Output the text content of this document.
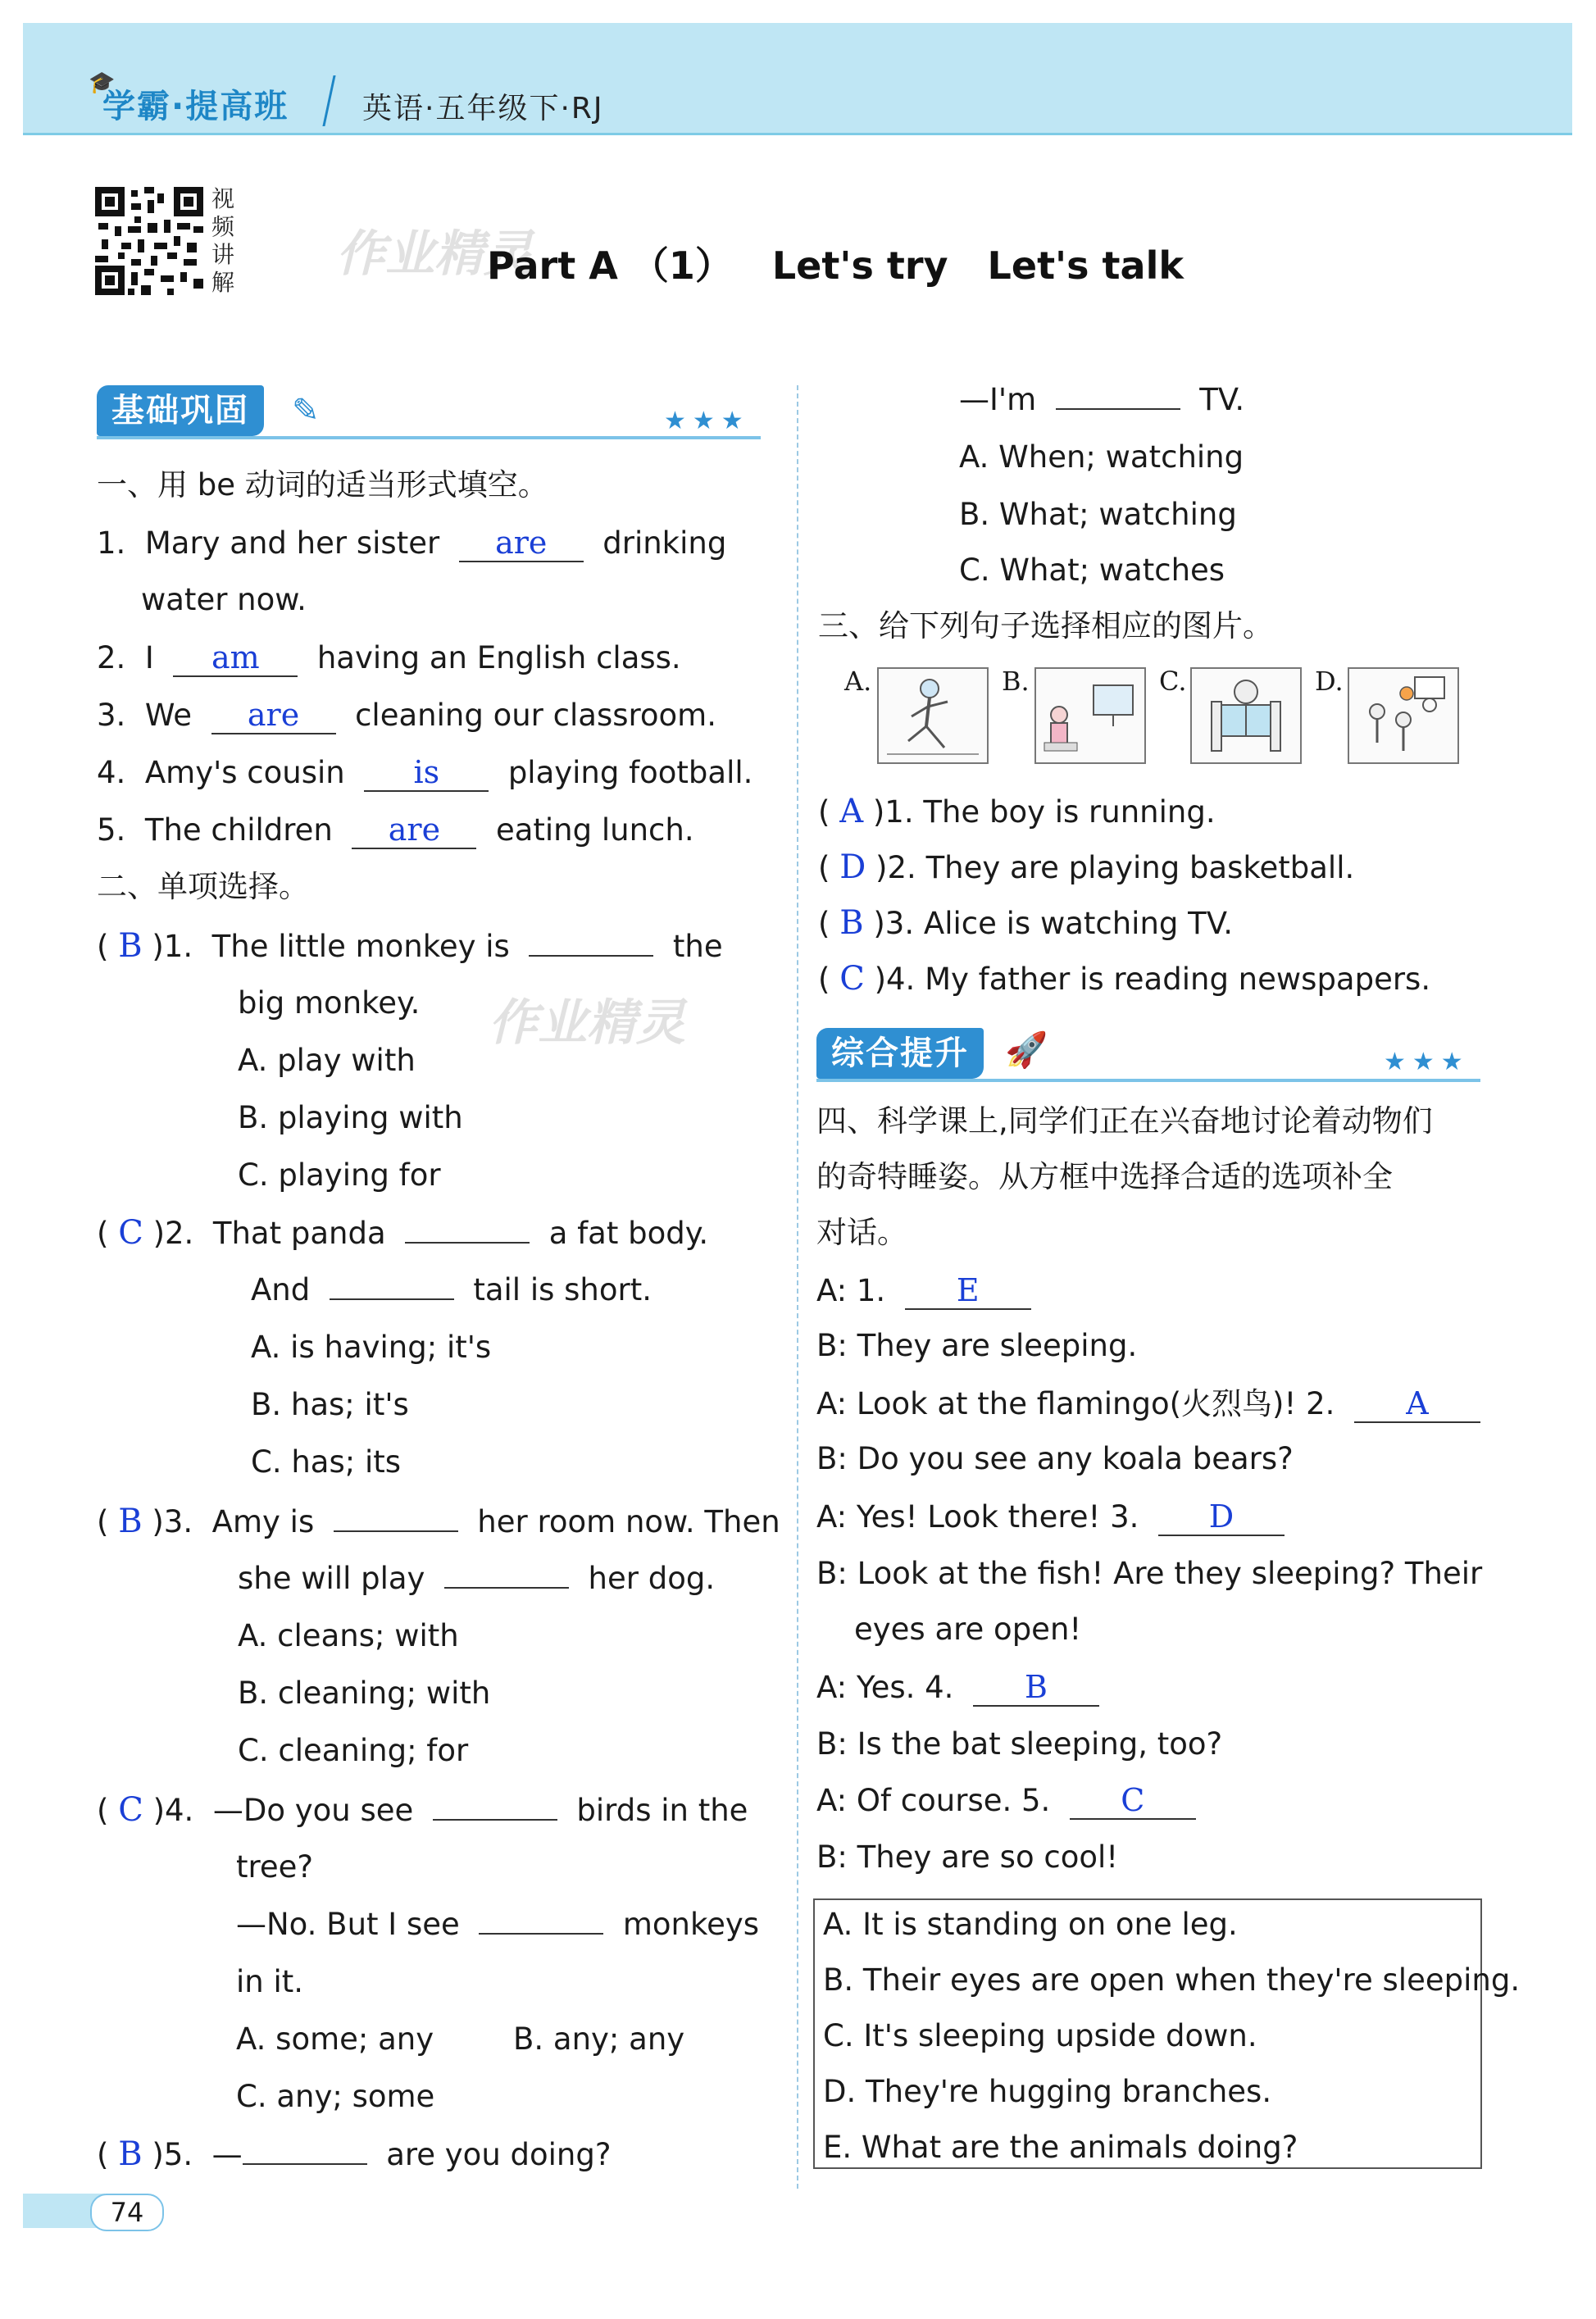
🎓
学霸·提高班 英语·五年级下·RJ
视频讲解 作业精灵
Part A （1）   Let's try   Let's talk
基础巩固	✎	★★★
一、用 be 动词的适当形式填空。
1. Mary and her sister are drinking
water now.
2. I am having an English class.
3. We are cleaning our classroom.
4. Amy's cousin is playing football.
5. The children are eating lunch.
二、单项选择。
( B )1. The little monkey is	the
big monkey.
A. play with
B. playing with
C. playing for
作业精灵
( C )2. That panda	a fat body.
And	tail is short.
A. is having; it's
B. has; it's
C. has; its
( B )3. Amy is	her room now. Then
she will play	her dog.
A. cleans; with
B. cleaning; with
C. cleaning; for
( C )4. —Do you see	birds in the
tree?
—No. But I see	monkeys
in it.
A. some; any	B. any; any
C. any; some
( B )5. —	are you doing?
—I'm	TV.
A. When; watching
B. What; watching
C. What; watches
三、给下列句子选择相应的图片。
A.	B.	C.	D.
( A )1. The boy is running.
( D )2. They are playing basketball.
( B )3. Alice is watching TV.
( C )4. My father is reading newspapers.
综合提升	🚀	★★★
四、科学课上,同学们正在兴奋地讨论着动物们
的奇特睡姿。从方框中选择合适的选项补全
对话。
A: 1. E
B: They are sleeping.
A: Look at the flamingo(火烈鸟)! 2. A
B: Do you see any koala bears?
A: Yes! Look there! 3. D
B: Look at the fish! Are they sleeping? Their
eyes are open!
A: Yes. 4. B
B: Is the bat sleeping, too?
A: Of course. 5. C
B: They are so cool!
A. It is standing on one leg.
B. Their eyes are open when they're sleeping.
C. It's sleeping upside down.
D. They're hugging branches.
E. What are the animals doing?
74
